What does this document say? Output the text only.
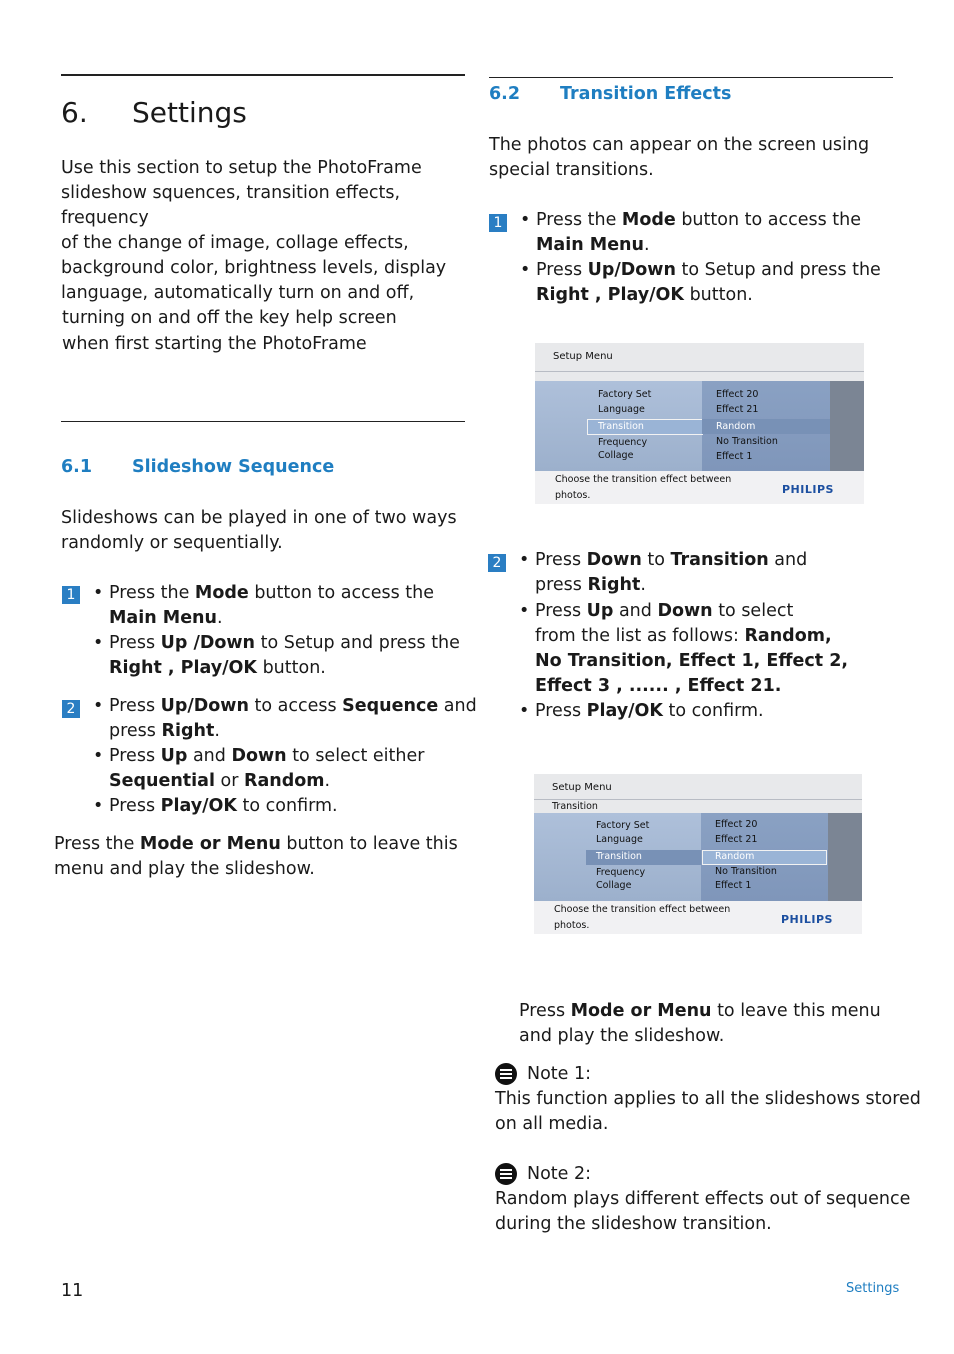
6. Settings
Use this section to setup the PhotoFrame
slideshow squences, transition effects, frequency
of the change of image, collage effects,
background color, brightness levels, display
language, automatically turn on and off,
turning on and off the key help screen
when first starting the PhotoFrame
6.1 Slideshow Sequence
Slideshows can be played in one of two ways
randomly or sequentially.
1 • Press the Mode button to access the
Main Menu.
• Press Up /Down to Setup and press the
Right , Play/OK button.
2 • Press Up/Down to access Sequence and
press Right.
• Press Up and Down to select either
Sequential or Random.
• Press Play/OK to confirm.
Press the Mode or Menu button to leave this
menu and play the slideshow.
6.2 Transition Effects
The photos can appear on the screen using
special transitions.
1 • Press the Mode button to access the
Main Menu.
• Press Up/Down to Setup and press the
Right , Play/OK button.
Setup Menu
Factory Set
Language
Transition
Frequency
Collage
Effect 20
Effect 21
Random
No Transition
Effect 1
Choose the transition effect between
photos.	PHILIPS
2 • Press Down to Transition and
press Right.
• Press Up and Down to select
from the list as follows: Random,
No Transition, Effect 1, Effect 2,
Effect 3 , ...... , Effect 21.
• Press Play/OK to confirm.
Setup Menu
Transition
Factory Set
Language
Transition
Frequency
Collage
Effect 20
Effect 21
Random
No Transition
Effect 1
Choose the transition effect between
photos.	PHILIPS
Press Mode or Menu to leave this menu
and play the slideshow.
Note 1:
This function applies to all the slideshows stored
on all media.
Note 2:
Random plays different effects out of sequence
during the slideshow transition.
11	Settings
